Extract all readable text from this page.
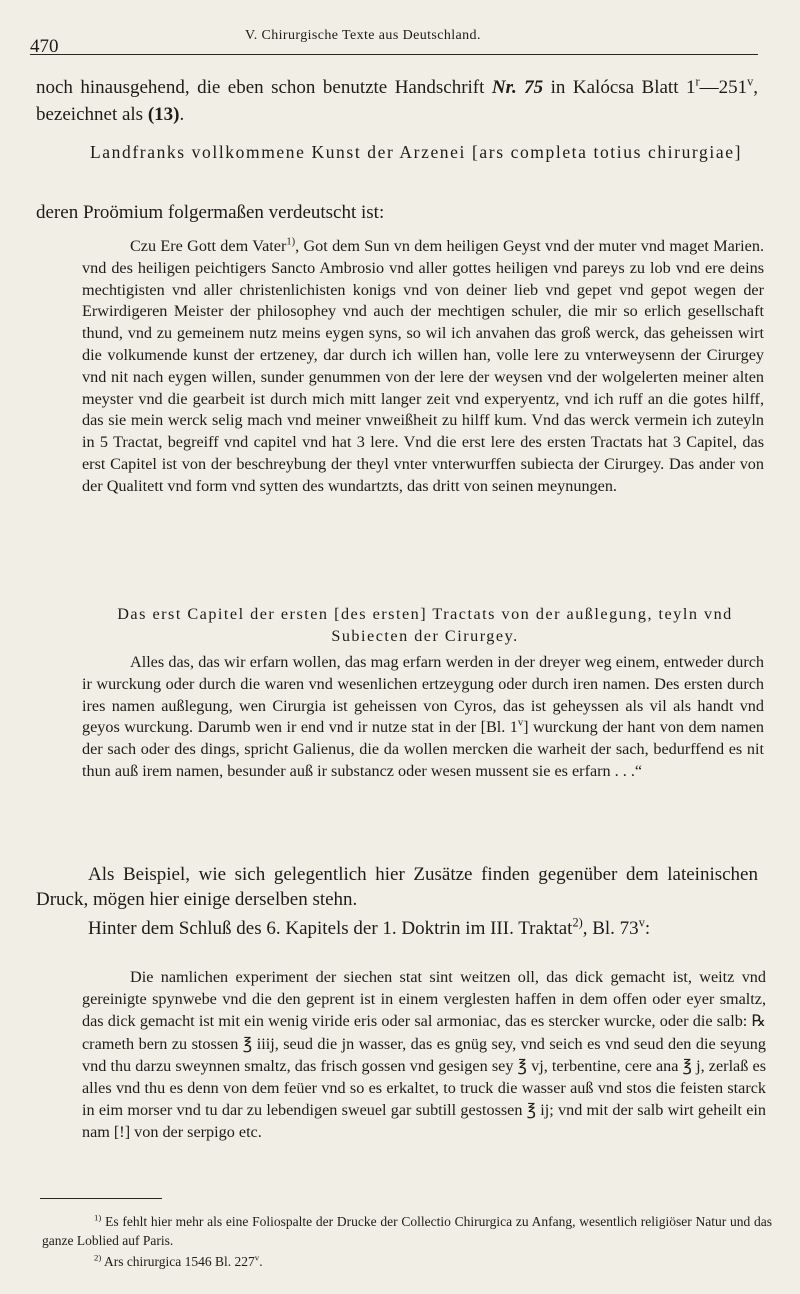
470
V. Chirurgische Texte aus Deutschland.

noch hinausgehend, die eben schon benutzte Handschrift Nr. 75 in Kalócsa Blatt 1$^r$—251$^v$, bezeichnet als (13).

Landfranks vollkommene Kunst der Arzenei [ars completa totius chirurgiae]

deren Proömium folgermaßen verdeutscht ist:

Czu Ere Gott dem Vater$^{1)}$, Got dem Sun vn dem heiligen Geyst vnd der muter vnd maget Marien. vnd des heiligen peichtigers Sancto Ambrosio vnd aller gottes heiligen vnd pareys zu lob vnd ere deins mechtigisten vnd aller christenlichisten konigs vnd von deiner lieb vnd gepet vnd gepot wegen der Erwirdigeren Meister der philosophey vnd auch der mechtigen schuler, die mir so erlich gesellschaft thund, vnd zu gemeinem nutz meins eygen syns, so wil ich anvahen das groß werck, das geheissen wirt die volkumende kunst der ertzeney, dar durch ich willen han, volle lere zu vnterweysenn der Cirurgey vnd nit nach eygen willen, sunder genummen von der lere der weysen vnd der wolgelerten meiner alten meyster vnd die gearbeit ist durch mich mitt langer zeit vnd experyentz, vnd ich ruff an die gotes hilff, das sie mein werck selig mach vnd meiner vnweißheit zu hilff kum. Vnd das werck vermein ich zuteyln in 5 Tractat, begreiff vnd capitel vnd hat 3 lere. Vnd die erst lere des ersten Tractats hat 3 Capitel, das erst Capitel ist von der beschreybung der theyl vnter vnterwurffen subiecta der Cirurgey. Das ander von der Qualitett vnd form vnd sytten des wundartzts, das dritt von seinen meynungen.

Das erst Capitel der ersten [des ersten] Tractats von der außlegung, teyln vnd Subiecten der Cirurgey.

Alles das, das wir erfarn wollen, das mag erfarn werden in der dreyer weg einem, entweder durch ir wurckung oder durch die waren vnd wesenlichen ertzeygung oder durch iren namen. Des ersten durch ires namen außlegung, wen Cirurgia ist geheissen von Cyros, das ist geheyssen als vil als handt vnd geyos wurckung. Darumb wen ir end vnd ir nutze stat in der [Bl. 1$^v$] wurckung der hant von dem namen der sach oder des dings, spricht Galienus, die da wollen mercken die warheit der sach, bedurffend es nit thun auß irem namen, besunder auß ir substancz oder wesen mussent sie es erfarn . . .“

Als Beispiel, wie sich gelegentlich hier Zusätze finden gegenüber dem lateinischen Druck, mögen hier einige derselben stehn.

Hinter dem Schluß des 6. Kapitels der 1. Doktrin im III. Traktat$^{2)}$, Bl. 73$^v$:

Die namlichen experiment der siechen stat sint weitzen oll, das dick gemacht ist, weitz vnd gereinigte spynwebe vnd die den geprent ist in einem verglesten haffen in dem offen oder eyer smaltz, das dick gemacht ist mit ein wenig viride eris oder sal armoniac, das es stercker wurcke, oder die salb: ℞ crameth bern zu stossen ℥ iiij, seud die jn wasser, das es gnüg sey, vnd seich es vnd seud den die seyung vnd thu darzu sweynnen smaltz, das frisch gossen vnd gesigen sey ℥ vj, terbentine, cere ana ℥ j, zerlaß es alles vnd thu es denn von dem feüer vnd so es erkaltet, to truck die wasser auß vnd stos die feisten starck in eim morser vnd tu dar zu lebendigen sweuel gar subtill gestossen ℥ ij; vnd mit der salb wirt geheilt ein nam [!] von der serpigo etc.

$^{1)}$ Es fehlt hier mehr als eine Foliospalte der Drucke der Collectio Chirurgica zu Anfang, wesentlich religiöser Natur und das ganze Loblied auf Paris.

$^{2)}$ Ars chirurgica 1546 Bl. 227$^v$.
